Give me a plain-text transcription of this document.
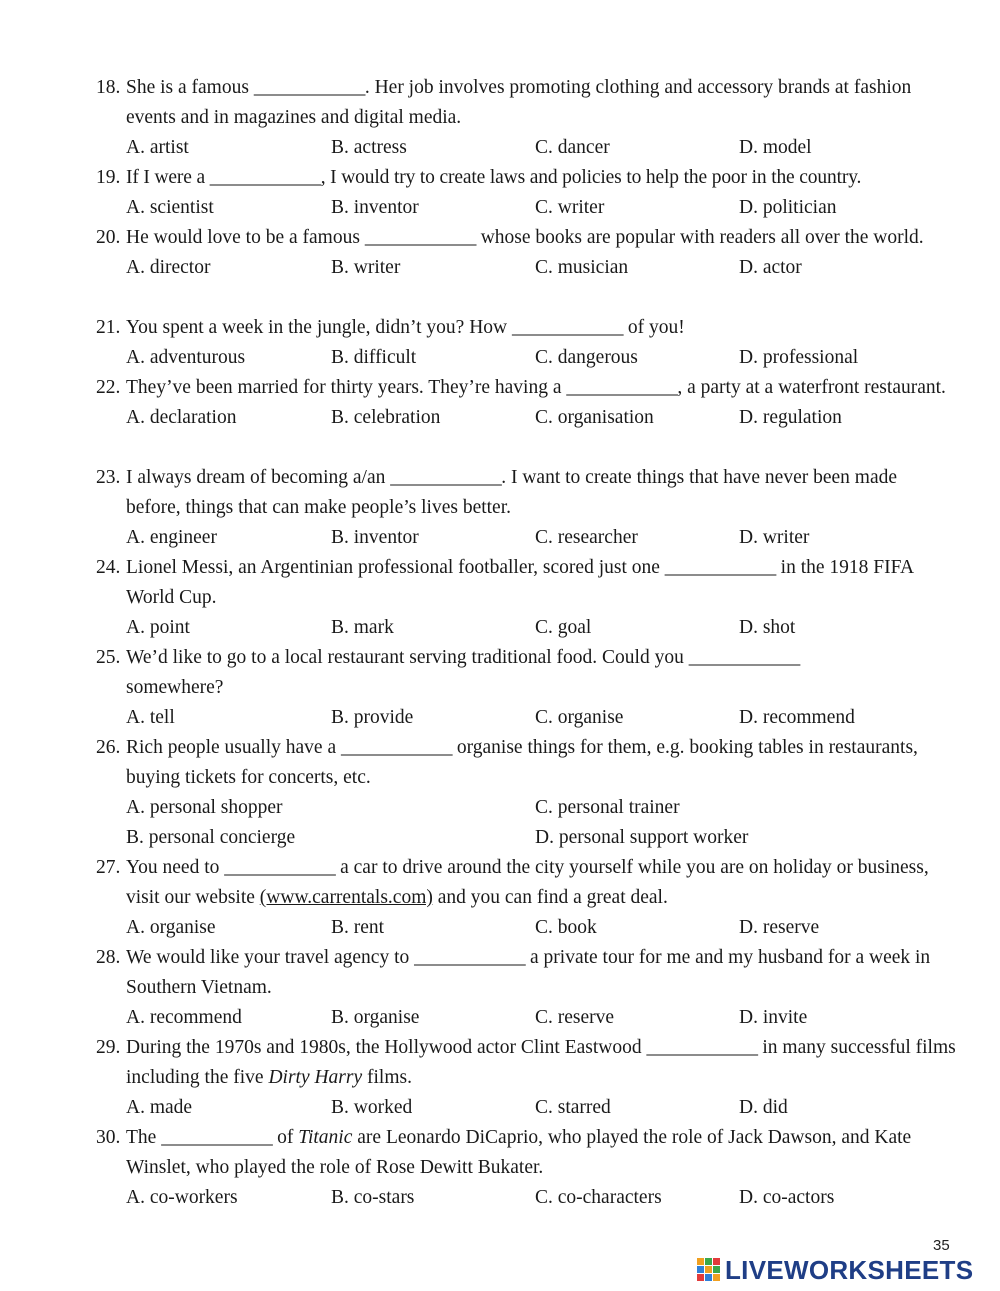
18. She is a famous ____________. Her job involves promoting clothing and accessory brands at fashion events and in magazines and digital media.
A. artist	B. actress	C. dancer	D. model
19. If I were a ____________, I would try to create laws and policies to help the poor in the country.
A. scientist	B. inventor	C. writer	D. politician
20. He would love to be a famous ____________ whose books are popular with readers all over the world.
A. director	B. writer	C. musician	D. actor
21. You spent a week in the jungle, didn’t you? How ____________ of you!
A. adventurous	B. difficult	C. dangerous	D. professional
22. They’ve been married for thirty years. They’re having a ____________, a party at a waterfront restaurant.
A. declaration	B. celebration	C. organisation	D. regulation
23. I always dream of becoming a/an ____________. I want to create things that have never been made before, things that can make people’s lives better.
A. engineer	B. inventor	C. researcher	D. writer
24. Lionel Messi, an Argentinian professional footballer, scored just one ____________ in the 1918 FIFA World Cup.
A. point	B. mark	C. goal	D. shot
25. We’d like to go to a local restaurant serving traditional food. Could you ____________ somewhere?
A. tell	B. provide	C. organise	D. recommend
26. Rich people usually have a ____________ organise things for them, e.g. booking tables in restaurants, buying tickets for concerts, etc.
A. personal shopper	C. personal trainer
B. personal concierge	D. personal support worker
27. You need to ____________ a car to drive around the city yourself while you are on holiday or business, visit our website (www.carrentals.com) and you can find a great deal.
A. organise	B. rent	C. book	D. reserve
28. We would like your travel agency to ____________ a private tour for me and my husband for a week in Southern Vietnam.
A. recommend	B. organise	C. reserve	D. invite
29. During the 1970s and 1980s, the Hollywood actor Clint Eastwood ____________ in many successful films including the five Dirty Harry films.
A. made	B. worked	C. starred	D. did
30. The ____________ of Titanic are Leonardo DiCaprio, who played the role of Jack Dawson, and Kate Winslet, who played the role of Rose Dewitt Bukater.
A. co-workers	B. co-stars	C. co-characters	D. co-actors
35
LIVEWORKSHEETS
